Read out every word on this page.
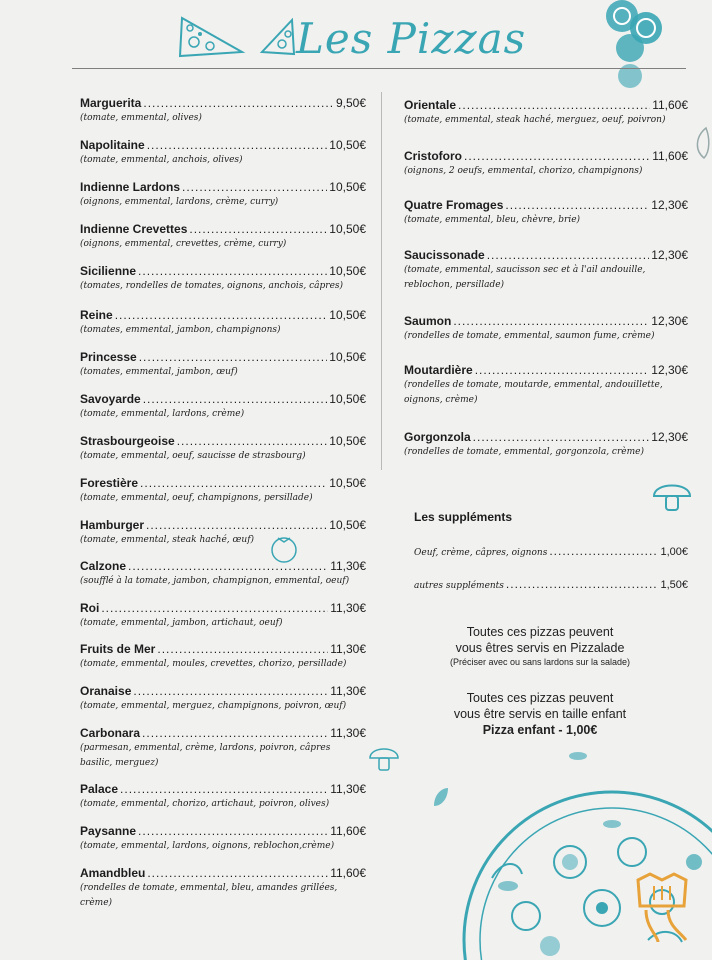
Les Pizzas
Marguerita .....	9,50€
(tomate, emmental, olives)
Napolitaine .....	10,50€
(tomate, emmental, anchois, olives)
Indienne Lardons .....	10,50€
(oignons, emmental, lardons, crème, curry)
Indienne Crevettes .....	10,50€
(oignons, emmental, crevettes, crème, curry)
Sicilienne .....	10,50€
(tomates, rondelles de tomates, oignons, anchois, câpres)
Reine .....	10,50€
(tomates, emmental, jambon, champignons)
Princesse .....	10,50€
(tomates, emmental, jambon, œuf)
Savoyarde .....	10,50€
(tomate, emmental, lardons, crème)
Strasbourgeoise .....	10,50€
(tomate, emmental, oeuf, saucisse de strasbourg)
Forestière .....	10,50€
(tomate, emmental, oeuf, champignons, persillade)
Hamburger .....	10,50€
(tomate, emmental, steak haché, œuf)
Calzone .....	11,30€
(soufflé à la tomate, jambon, champignon, emmental, oeuf)
Roi .....	11,30€
(tomate, emmental, jambon, artichaut, oeuf)
Fruits de Mer .....	11,30€
(tomate, emmental, moules, crevettes, chorizo, persillade)
Oranaise .....	11,30€
(tomate, emmental, merguez, champignons, poivron, œuf)
Carbonara .....	11,30€
(parmesan, emmental, crème, lardons, poivron, câpres
basilic, merguez)
Palace .....	11,30€
(tomate, emmental, chorizo, artichaut, poivron, olives)
Paysanne .....	11,60€
(tomate, emmental, lardons, oignons, reblochon,crème)
Amandbleu .....	11,60€
(rondelles de tomate, emmental, bleu, amandes grillées,
crème)
Orientale .....	11,60€
(tomate, emmental, steak haché, merguez, oeuf, poivron)
Cristoforo .....	11,60€
(oignons, 2 oeufs, emmental, chorizo, champignons)
Quatre Fromages .....	12,30€
(tomate, emmental, bleu, chèvre, brie)
Saucissonade .....	12,30€
(tomate, emmental, saucisson sec et à l'ail andouille,
reblochon, persillade)
Saumon .....	12,30€
(rondelles de tomate, emmental, saumon fume, crème)
Moutardière .....	12,30€
(rondelles de tomate, moutarde, emmental, andouillette,
oignons, crème)
Gorgonzola .....	12,30€
(rondelles de tomate, emmental, gorgonzola, crème)
Les suppléments
Oeuf, crème, câpres, oignons .....	1,00€
autres suppléments .....	1,50€
Toutes ces pizzas peuvent
vous êtres servis en Pizzalade
(Préciser avec ou sans lardons sur la salade)
Toutes ces pizzas peuvent
vous être servis en taille enfant
Pizza enfant - 1,00€
